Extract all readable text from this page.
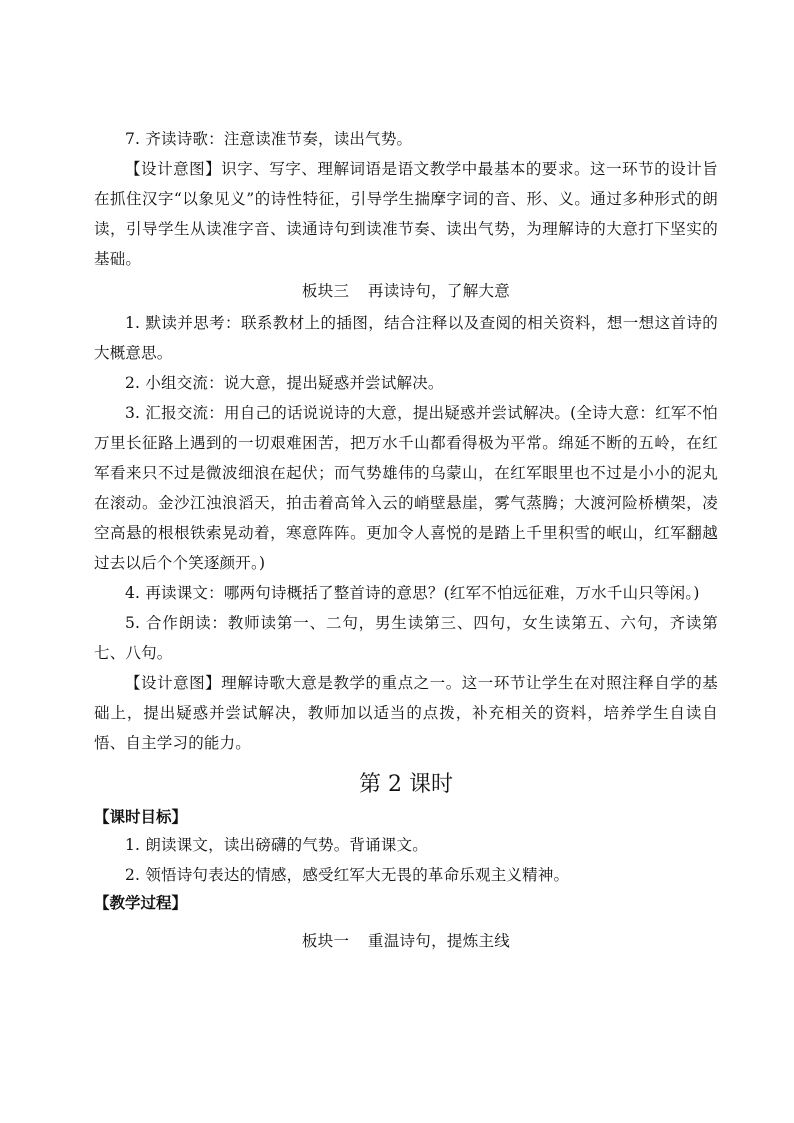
7. 齐读诗歌：注意读准节奏，读出气势。

【设计意图】识字、写字、理解词语是语文教学中最基本的要求。这一环节的设计旨在抓住汉字“以象见义”的诗性特征，引导学生揣摩字词的音、形、义。通过多种形式的朗读，引导学生从读准字音、读通诗句到读准节奏、读出气势，为理解诗的大意打下坚实的基础。

板块三 再读诗句，了解大意

1. 默读并思考：联系教材上的插图，结合注释以及查阅的相关资料，想一想这首诗的大概意思。

2. 小组交流：说大意，提出疑惑并尝试解决。

3. 汇报交流：用自己的话说说诗的大意，提出疑惑并尝试解决。(全诗大意：红军不怕万里长征路上遇到的一切艰难困苦，把万水千山都看得极为平常。绵延不断的五岭，在红军看来只不过是微波细浪在起伏；而气势雄伟的乌蒙山，在红军眼里也不过是小小的泥丸在滚动。金沙江浊浪滔天，拍击着高耸入云的峭壁悬崖，雾气蒸腾；大渡河险桥横架，凌空高悬的根根铁索晃动着，寒意阵阵。更加令人喜悦的是踏上千里积雪的岷山，红军翻越过去以后个个笑逐颜开。)

4. 再读课文：哪两句诗概括了整首诗的意思？(红军不怕远征难，万水千山只等闲。)

5. 合作朗读：教师读第一、二句，男生读第三、四句，女生读第五、六句，齐读第七、八句。

【设计意图】理解诗歌大意是教学的重点之一。这一环节让学生在对照注释自学的基础上，提出疑惑并尝试解决，教师加以适当的点拨，补充相关的资料，培养学生自读自悟、自主学习的能力。

第 2 课时
【课时目标】

1. 朗读课文，读出磅礴的气势。背诵课文。

2. 领悟诗句表达的情感，感受红军大无畏的革命乐观主义精神。

【教学过程】
板块一 重温诗句，提炼主线
